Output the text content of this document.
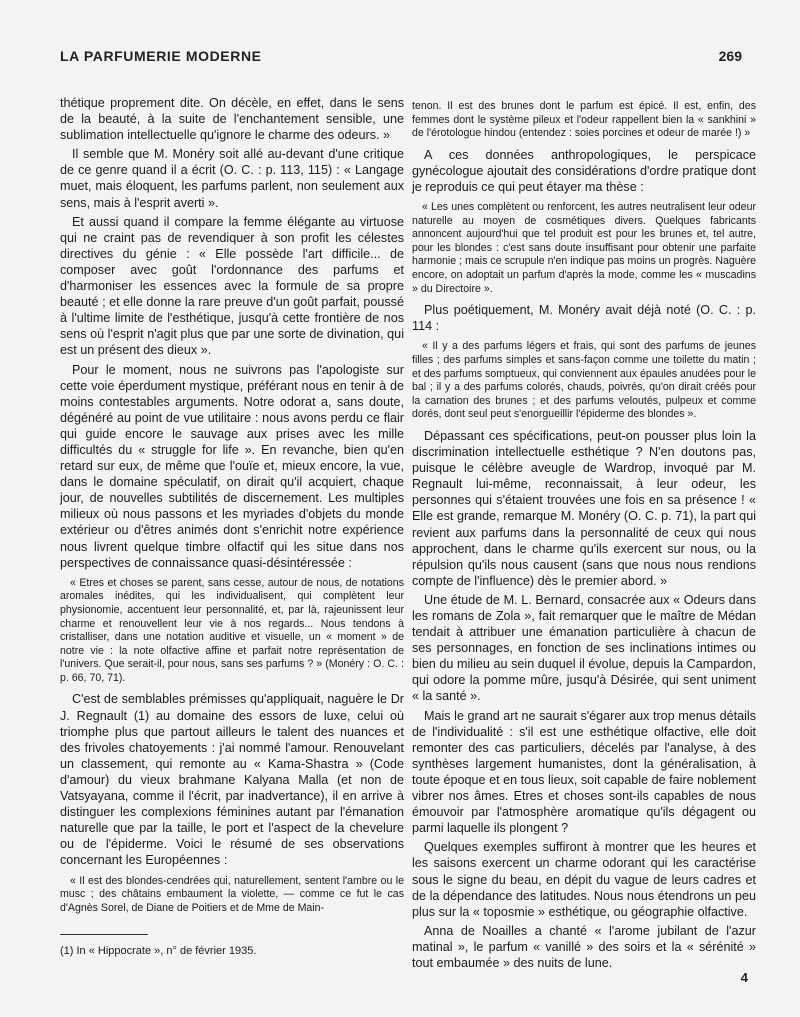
LA PARFUMERIE MODERNE	269

thétique proprement dite. On décèle, en effet, dans le sens de la beauté, à la suite de l'enchantement sensible, une sublimation intellectuelle qu'ignore le charme des odeurs. »

Il semble que M. Monéry soit allé au-devant d'une critique de ce genre quand il a écrit (O. C. : p. 113, 115) : « Langage muet, mais éloquent, les parfums parlent, non seulement aux sens, mais à l'esprit averti ».

Et aussi quand il compare la femme élégante au virtuose qui ne craint pas de revendiquer à son profit les célestes directives du génie : « Elle possède l'art difficile... de composer avec goût l'ordonnance des parfums et d'harmoniser les essences avec la formule de sa propre beauté ; et elle donne la rare preuve d'un goût parfait, poussé à l'ultime limite de l'esthétique, jusqu'à cette frontière de nos sens où l'esprit n'agit plus que par une sorte de divination, qui est un présent des dieux ».

Pour le moment, nous ne suivrons pas l'apologiste sur cette voie éperdument mystique, préférant nous en tenir à de moins contestables arguments. Notre odorat a, sans doute, dégénéré au point de vue utilitaire : nous avons perdu ce flair qui guide encore le sauvage aux prises avec les mille difficultés du « struggle for life ». En revanche, bien qu'en retard sur eux, de même que l'ouïe et, mieux encore, la vue, dans le domaine spéculatif, on dirait qu'il acquiert, chaque jour, de nouvelles subtilités de discernement. Les multiples milieux où nous passons et les myriades d'objets du monde extérieur ou d'êtres animés dont s'enrichit notre expérience nous livrent quelque timbre olfactif qui les situe dans nos perspectives de connaissance quasi-désintéressée :

« Etres et choses se parent, sans cesse, autour de nous, de notations aromales inédites, qui les individualisent, qui complètent leur physionomie, accentuent leur personnalité, et, par là, rajeunissent leur charme et renouvellent leur vie à nos regards... Nous tendons à cristalliser, dans une notation auditive et visuelle, un « moment » de notre vie : la note olfactive affine et parfait notre représentation de l'univers. Que serait-il, pour nous, sans ses parfums ? » (Monéry : O. C. : p. 66, 70, 71).

C'est de semblables prémisses qu'appliquait, naguère le Dr J. Regnault (1) au domaine des essors de luxe, celui où triomphe plus que partout ailleurs le talent des nuances et des frivoles chatoyements : j'ai nommé l'amour. Renouvelant un classement, qui remonte au « Kama-Shastra » (Code d'amour) du vieux brahmane Kalyana Malla (et non de Vatsyayana, comme il l'écrit, par inadvertance), il en arrive à distinguer les complexions féminines autant par l'émanation naturelle que par la taille, le port et l'aspect de la chevelure ou de l'épiderme. Voici le résumé de ses observations concernant les Européennes :

« Il est des blondes-cendrées qui, naturellement, sentent l'ambre ou le musc ; des châtains embaument la violette, — comme ce fut le cas d'Agnès Sorel, de Diane de Poitiers et de Mme de Main-

tenon. Il est des brunes dont le parfum est épicé. Il est, enfin, des femmes dont le système pileux et l'odeur rappellent bien la « sankhini » de l'érotologue hindou (entendez : soies porcines et odeur de marée !) »

A ces données anthropologiques, le perspicace gynécologue ajoutait des considérations d'ordre pratique dont je reproduis ce qui peut étayer ma thèse :

« Les unes complètent ou renforcent, les autres neutralisent leur odeur naturelle au moyen de cosmétiques divers. Quelques fabricants annoncent aujourd'hui que tel produit est pour les brunes et, tel autre, pour les blondes : c'est sans doute insuffisant pour obtenir une parfaite harmonie ; mais ce scrupule n'en indique pas moins un progrès. Naguère encore, on adoptait un parfum d'après la mode, comme les « muscadins » du Directoire ».

Plus poétiquement, M. Monéry avait déjà noté (O. C. : p. 114 :

« Il y a des parfums légers et frais, qui sont des parfums de jeunes filles ; des parfums simples et sans-façon comme une toilette du matin ; et des parfums somptueux, qui conviennent aux épaules anudées pour le bal ; il y a des parfums colorés, chauds, poivrés, qu'on dirait créés pour la carnation des brunes ; et des parfums veloutés, pulpeux et comme dorés, dont seul peut s'enorgueillir l'épiderme des blondes ».

Dépassant ces spécifications, peut-on pousser plus loin la discrimination intellectuelle esthétique ? N'en doutons pas, puisque le célèbre aveugle de Wardrop, invoqué par M. Regnault lui-même, reconnaissait, à leur odeur, les personnes qui s'étaient trouvées une fois en sa présence ! « Elle est grande, remarque M. Monéry (O. C. p. 71), la part qui revient aux parfums dans la personnalité de ceux qui nous approchent, dans le charme qu'ils exercent sur nous, ou la répulsion qu'ils nous causent (sans que nous nous rendions compte de l'influence) dès le premier abord. »

Une étude de M. L. Bernard, consacrée aux « Odeurs dans les romans de Zola », fait remarquer que le maître de Médan tendait à attribuer une émanation particulière à chacun de ses personnages, en fonction de ses inclinations intimes ou bien du milieu au sein duquel il évolue, depuis la Campardon, qui odore la pomme mûre, jusqu'à Désirée, qui sent uniment « la santé ».

Mais le grand art ne saurait s'égarer aux trop menus détails de l'individualité : s'il est une esthétique olfactive, elle doit remonter des cas particuliers, décelés par l'analyse, à des synthèses largement humanistes, dont la généralisation, à toute époque et en tous lieux, soit capable de faire noblement vibrer nos âmes. Etres et choses sont-ils capables de nous émouvoir par l'atmosphère aromatique qu'ils dégagent ou parmi laquelle ils plongent ?

Quelques exemples suffiront à montrer que les heures et les saisons exercent un charme odorant qui les caractérise sous le signe du beau, en dépit du vague de leurs cadres et de la dépendance des latitudes. Nous nous étendrons un peu plus sur la « toposmie » esthétique, ou géographie olfactive.

Anna de Noailles a chanté « l'arome jubilant de l'azur matinal », le parfum « vanillé » des soirs et la « sérénité » tout embaumée » des nuits de lune.

(1) In « Hippocrate », n° de février 1935.
4
